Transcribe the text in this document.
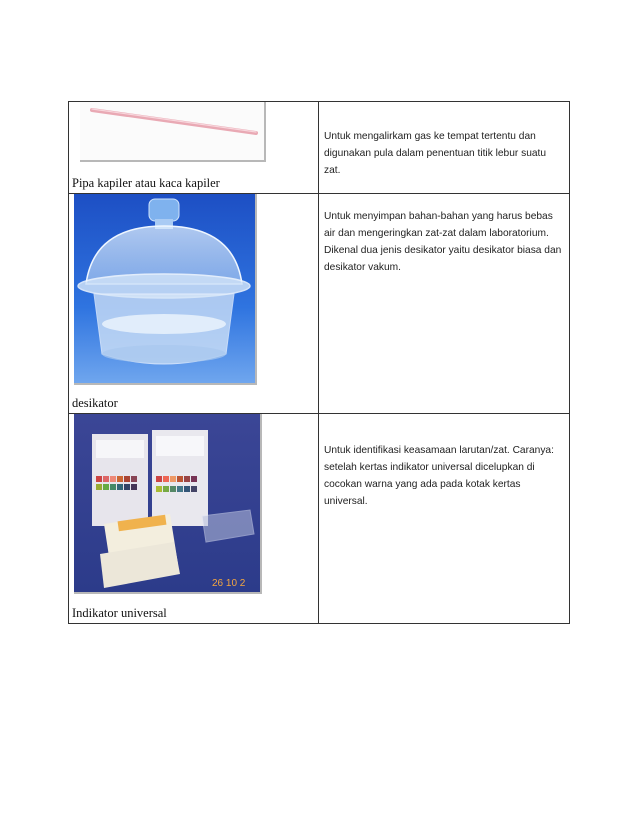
Pipa kapiler atau kaca kapiler	Untuk mengalirkam gas ke tempat tertentu dan digunakan pula dalam penentuan titik lebur suatu zat.

desikator	Untuk menyimpan bahan-bahan yang harus bebas air dan mengeringkan zat-zat dalam laboratorium. Dikenal dua jenis desikator yaitu desikator biasa dan desikator vakum.

26 10 2
Indikator universal	Untuk identifikasi keasamaan larutan/zat. Caranya: setelah kertas indikator universal dicelupkan di cocokan warna yang ada pada kotak kertas universal.
